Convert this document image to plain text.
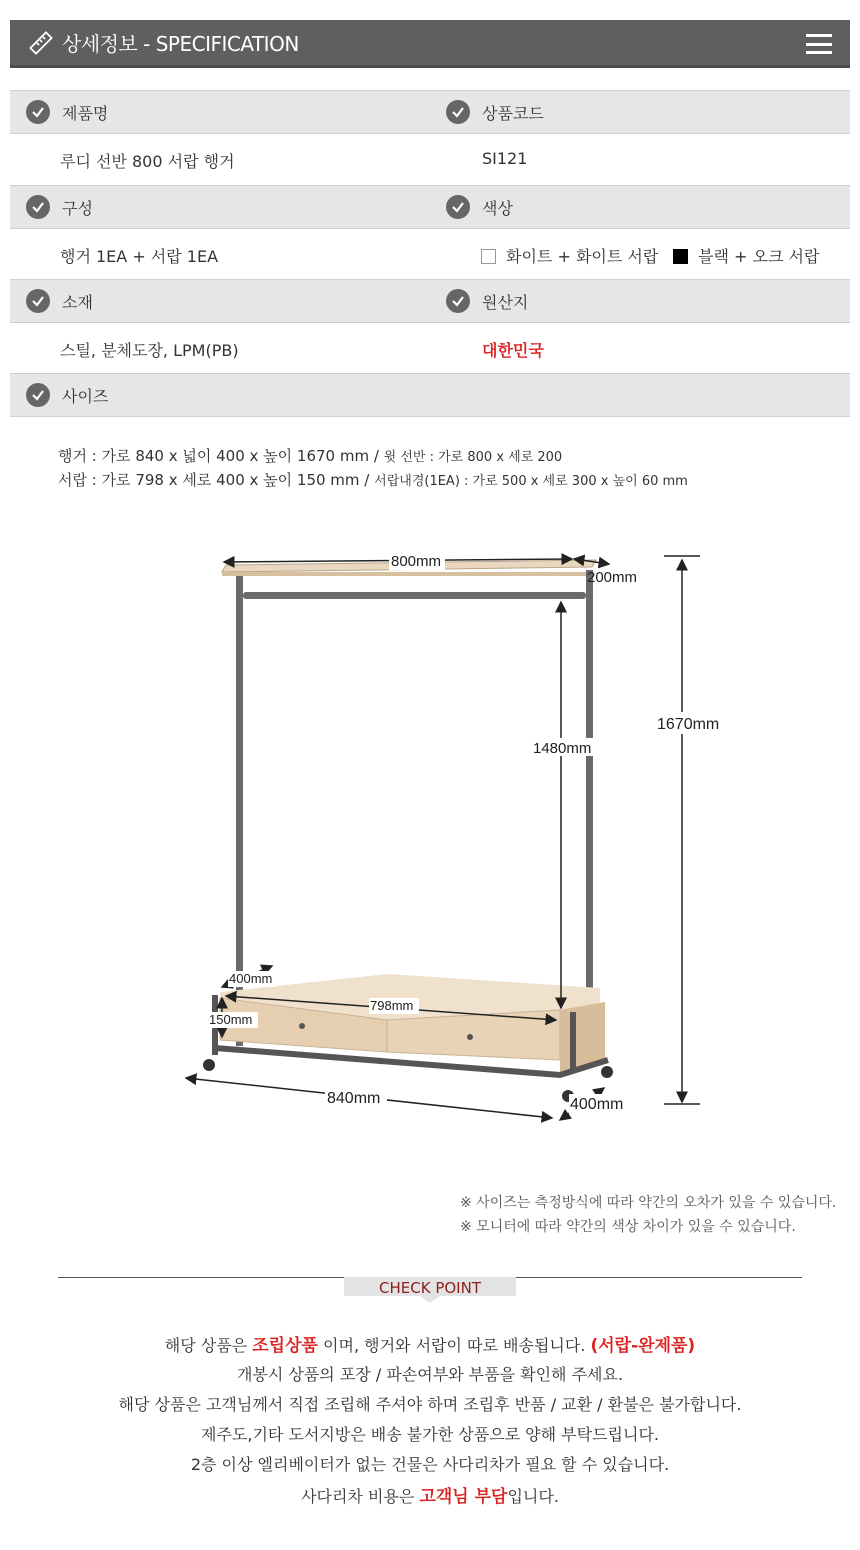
상세정보 - SPECIFICATION
제품명	상품코드
루디 선반 800 서랍 행거	SI121
구성	색상
행거 1EA + 서랍 1EA	화이트 + 화이트 서랍	블랙 + 오크 서랍
소재	원산지
스틸, 분체도장, LPM(PB)	대한민국
사이즈
행거 : 가로 840 x 넓이 400 x 높이 1670 mm / 윗 선반 : 가로 800 x 세로 200
서랍 : 가로 798 x 세로 400 x 높이 150 mm / 서랍내경(1EA) : 가로 500 x 세로 300 x 높이 60 mm
800mm
200mm
1670mm
1480mm
400mm
798mm
150mm
840mm	400mm
※ 사이즈는 측정방식에 따라 약간의 오차가 있을 수 있습니다.
※ 모니터에 따라 약간의 색상 차이가 있을 수 있습니다.
CHECK POINT
해당 상품은 조립상품 이며, 행거와 서랍이 따로 배송됩니다. (서랍-완제품)
개봉시 상품의 포장 / 파손여부와 부품을 확인해 주세요.
해당 상품은 고객님께서 직접 조립해 주셔야 하며 조립후 반품 / 교환 / 환불은 불가합니다.
제주도,기타 도서지방은 배송 불가한 상품으로 양해 부탁드립니다.
2층 이상 엘리베이터가 없는 건물은 사다리차가 필요 할 수 있습니다.
사다리차 비용은 고객님 부담입니다.
